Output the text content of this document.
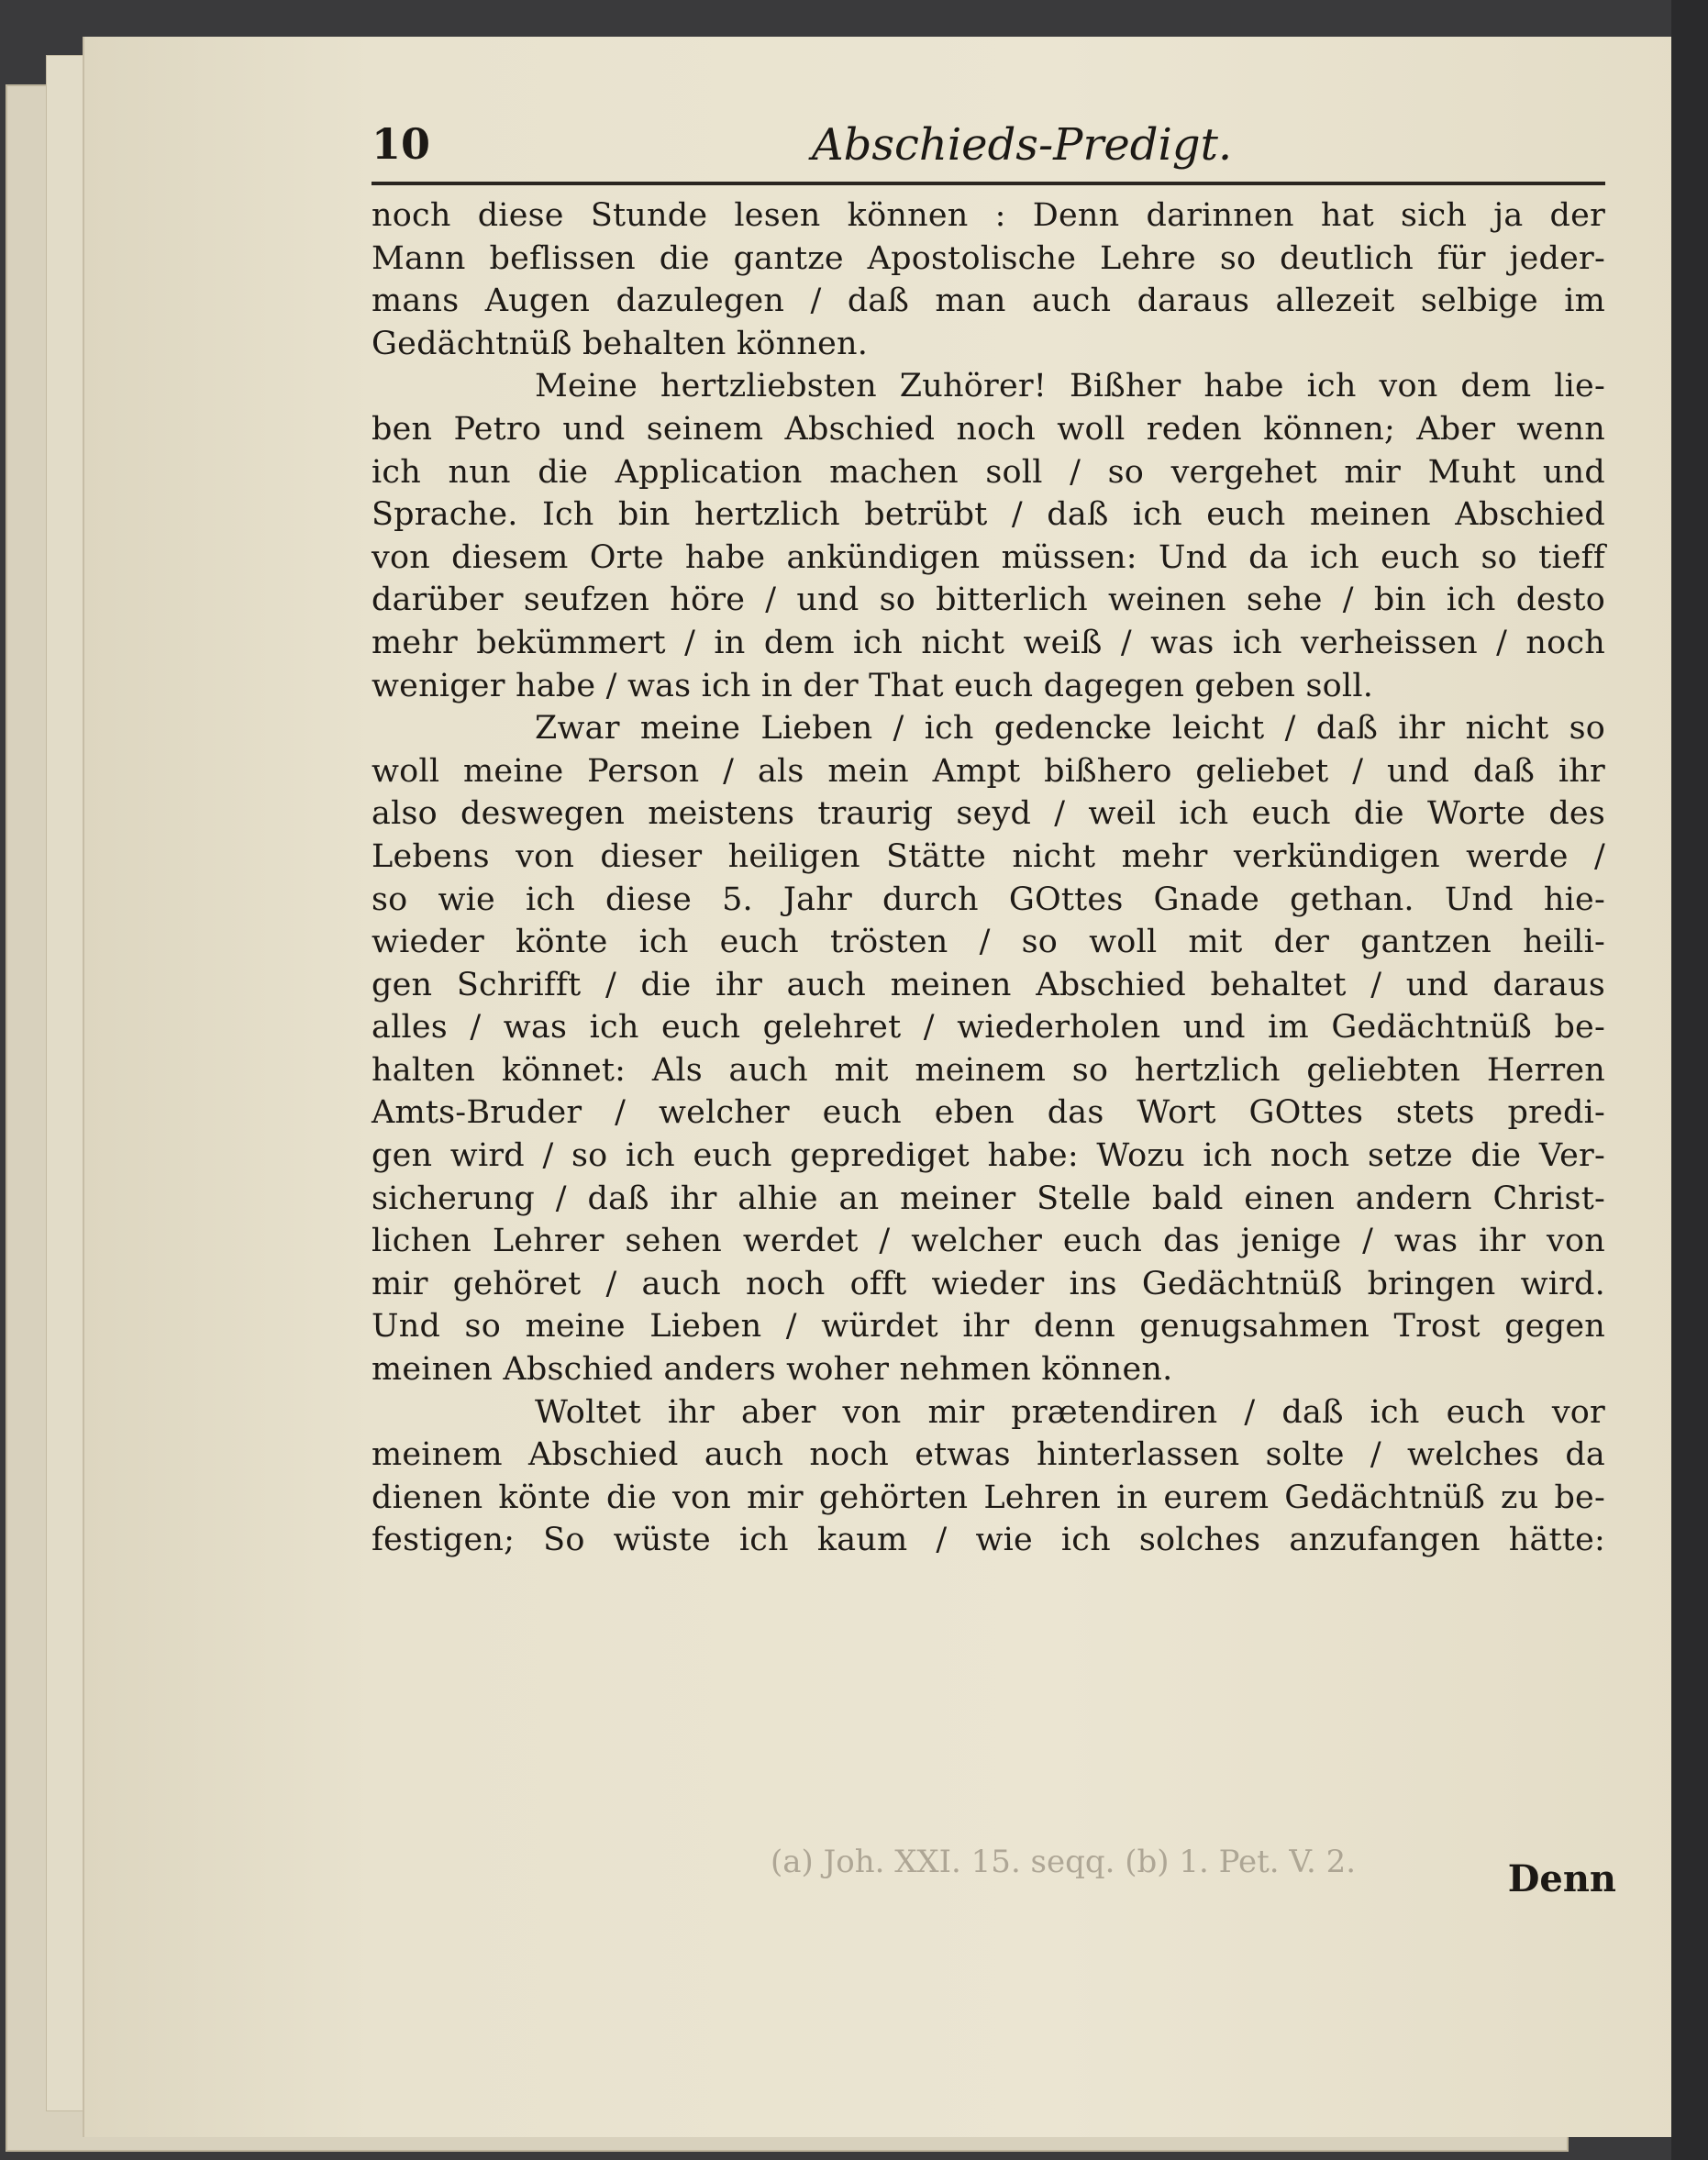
10	Abschieds-Predigt.
noch diese Stunde lesen können : Denn darinnen hat sich ja der
Mann beflissen die gantze Apostolische Lehre so deutlich für jeder-
mans Augen dazulegen / daß man auch daraus allezeit selbige im
Gedächtnüß behalten können.
Meine hertzliebsten Zuhörer! Bißher habe ich von dem lie-
ben Petro und seinem Abschied noch woll reden können; Aber wenn
ich nun die Application machen soll / so vergehet mir Muht und
Sprache. Ich bin hertzlich betrübt / daß ich euch meinen Abschied
von diesem Orte habe ankündigen müssen: Und da ich euch so tieff
darüber seufzen höre / und so bitterlich weinen sehe / bin ich desto
mehr bekümmert / in dem ich nicht weiß / was ich verheissen / noch
weniger habe / was ich in der That euch dagegen geben soll.
Zwar meine Lieben / ich gedencke leicht / daß ihr nicht so
woll meine Person / als mein Ampt bißhero geliebet / und daß ihr
also deswegen meistens traurig seyd / weil ich euch die Worte des
Lebens von dieser heiligen Stätte nicht mehr verkündigen werde /
so wie ich diese 5. Jahr durch GOttes Gnade gethan. Und hie-
wieder könte ich euch trösten / so woll mit der gantzen heili-
gen Schrifft / die ihr auch meinen Abschied behaltet / und daraus
alles / was ich euch gelehret / wiederholen und im Gedächtnüß be-
halten könnet: Als auch mit meinem so hertzlich geliebten Herren
Amts-Bruder / welcher euch eben das Wort GOttes stets predi-
gen wird / so ich euch geprediget habe: Wozu ich noch setze die Ver-
sicherung / daß ihr alhie an meiner Stelle bald einen andern Christ-
lichen Lehrer sehen werdet / welcher euch das jenige / was ihr von
mir gehöret / auch noch offt wieder ins Gedächtnüß bringen wird.
Und so meine Lieben / würdet ihr denn genugsahmen Trost gegen
meinen Abschied anders woher nehmen können.
Woltet ihr aber von mir prætendiren / daß ich euch vor
meinem Abschied auch noch etwas hinterlassen solte / welches da
dienen könte die von mir gehörten Lehren in eurem Gedächtnüß zu be-
festigen; So wüste ich kaum / wie ich solches anzufangen hätte:
(a) Joh. XXI. 15. seqq. (b) 1. Pet. V. 2.	Denn
